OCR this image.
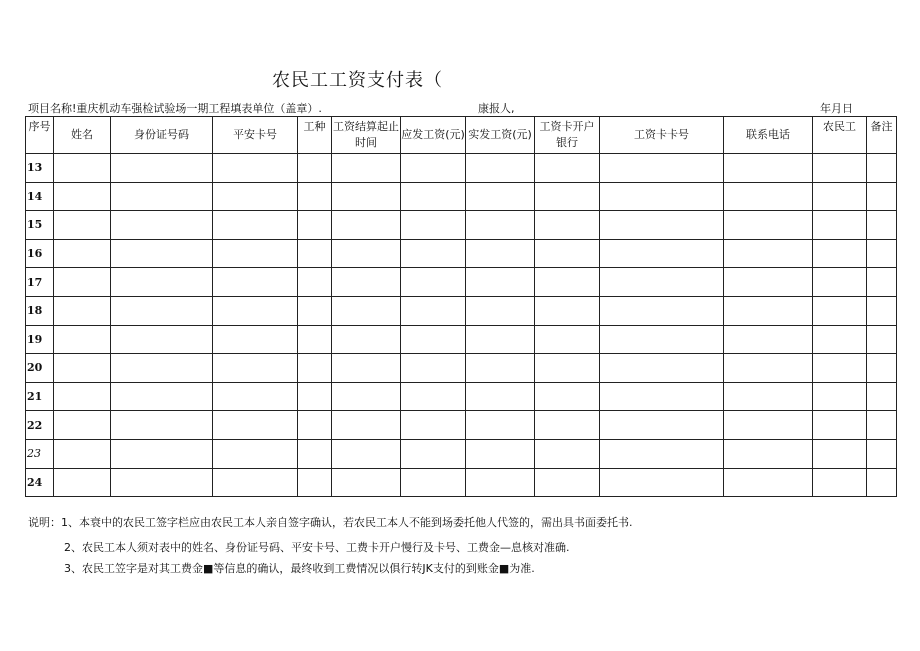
农民工工资支付表（
项目名称!重庆机动车强检试验场一期工程填表单位（盖章）.	康报人,	年月日
序号	姓名	身份证号码	平安卡号	工种	工资结算起止时间	应发工资(元)	实发工资(元)	工资卡开户银行	工资卡卡号	联系电话	农民工	备注
13												
14												
15												
16												
17												
18												
19												
20												
21												
22												
23												
24												
说明：1、本衰中的农民工签字栏应由农民工本人亲自签字确认，若农民工本人不能到场委托他人代签的，需出具书面委托书.
2、农民工本人须对表中的姓名、身份证号码、平安卡号、工费卡开户慢行及卡号、工费金—息核对准确.
3、农民工笠字是对其工费金■等信息的确认，最终收到工费情况以俱行转JK支付的到账金■为准.
